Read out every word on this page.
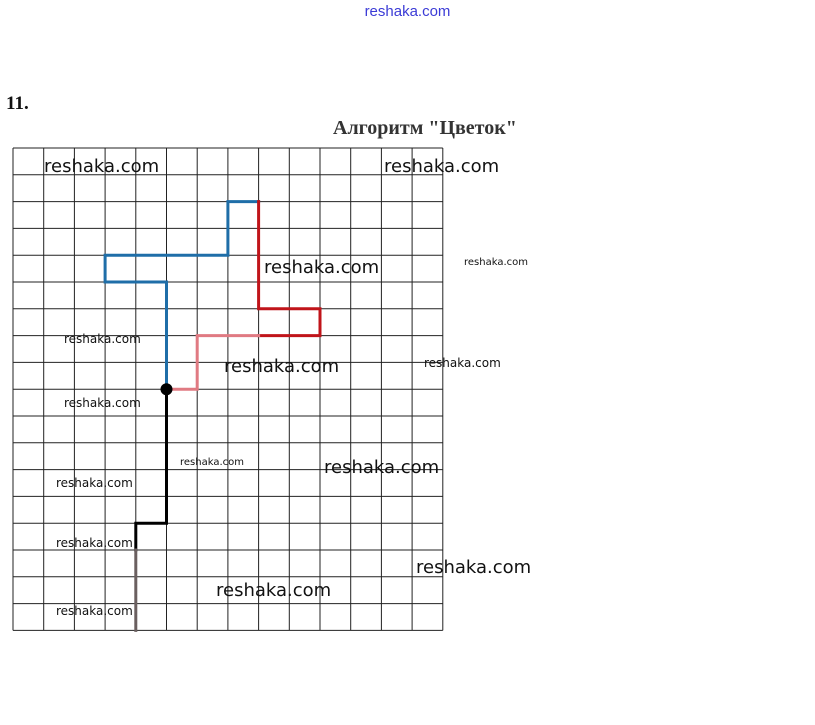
reshaka.com
11.
Алгоритм "Цветок"
reshaka.com	reshaka.com
reshaka.com	reshaka.com
reshaka.com
reshaka.com	reshaka.com
reshaka.com
reshaka.com	reshaka.com
reshaka.com
reshaka.com
reshaka.com
reshaka.com
reshaka.com
